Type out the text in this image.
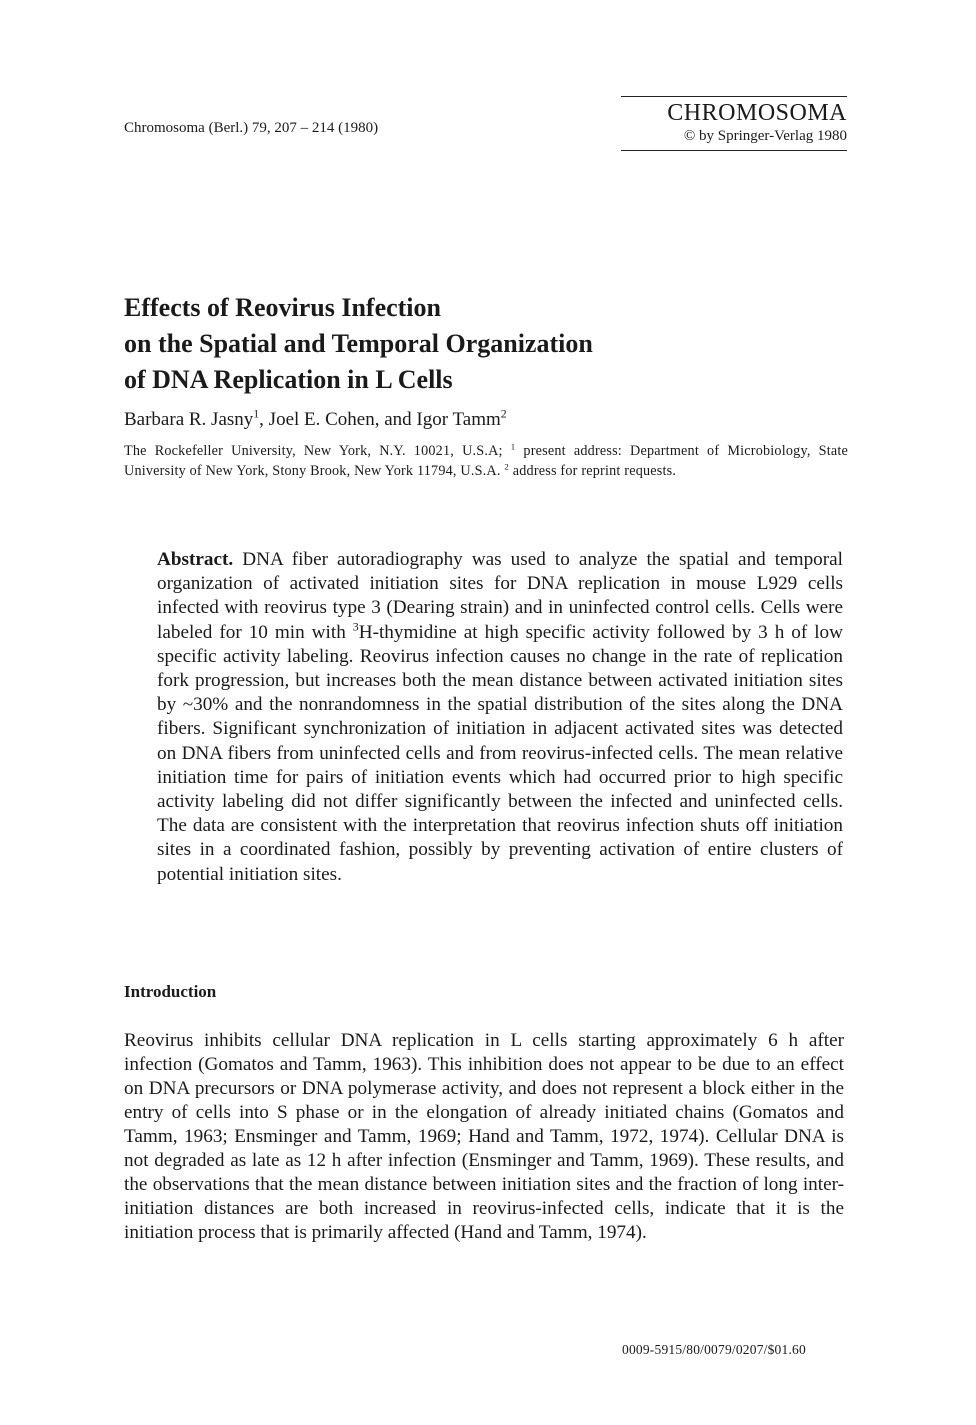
Chromosoma (Berl.) 79, 207 – 214 (1980)
CHROMOSOMA
© by Springer-Verlag 1980
Effects of Reovirus Infection
on the Spatial and Temporal Organization
of DNA Replication in L Cells
Barbara R. Jasny$^1$, Joel E. Cohen, and Igor Tamm$^2$
The Rockefeller University, New York, N.Y. 10021, U.S.A; $^1$ present address: Department of Microbiology, State University of New York, Stony Brook, New York 11794, U.S.A. $^2$ address for reprint requests.
Abstract. DNA fiber autoradiography was used to analyze the spatial and temporal organization of activated initiation sites for DNA replication in mouse L929 cells infected with reovirus type 3 (Dearing strain) and in uninfected control cells. Cells were labeled for 10 min with $^3$H-thymidine at high specific activity followed by 3 h of low specific activity labeling. Reovirus infection causes no change in the rate of replication fork progression, but increases both the mean distance between activated initiation sites by ~30% and the nonrandomness in the spatial distribution of the sites along the DNA fibers. Significant synchronization of initiation in adjacent activated sites was detected on DNA fibers from uninfected cells and from reovirus-infected cells. The mean relative initiation time for pairs of initiation events which had occurred prior to high specific activity labeling did not differ significantly between the infected and uninfected cells. The data are consistent with the interpretation that reovirus infection shuts off initiation sites in a coordinated fashion, possibly by preventing activation of entire clusters of potential initiation sites.
Introduction
Reovirus inhibits cellular DNA replication in L cells starting approximately 6 h after infection (Gomatos and Tamm, 1963). This inhibition does not appear to be due to an effect on DNA precursors or DNA polymerase activity, and does not represent a block either in the entry of cells into S phase or in the elongation of already initiated chains (Gomatos and Tamm, 1963; Ensminger and Tamm, 1969; Hand and Tamm, 1972, 1974). Cellular DNA is not degraded as late as 12 h after infection (Ensminger and Tamm, 1969). These results, and the observations that the mean distance between initiation sites and the fraction of long inter-initiation distances are both increased in reovirus-infected cells, indicate that it is the initiation process that is primarily affected (Hand and Tamm, 1974).
0009-5915/80/0079/0207/$01.60
